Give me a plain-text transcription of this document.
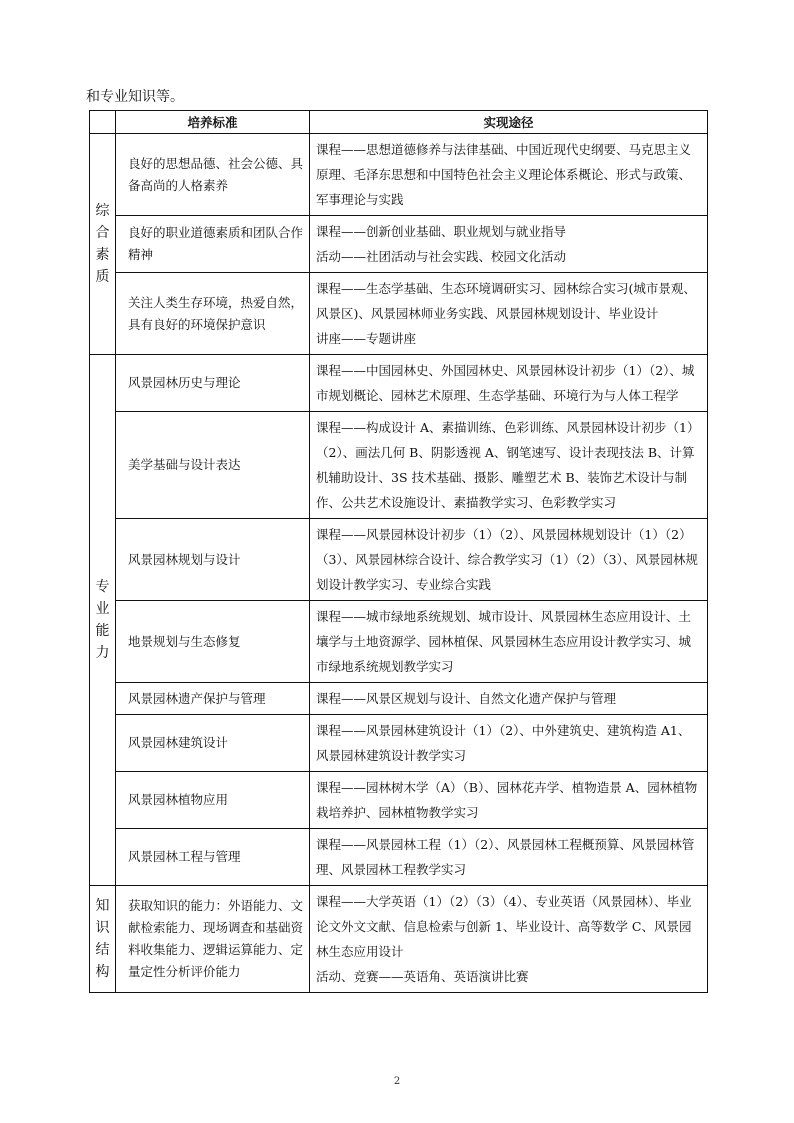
和专业知识等。
	培养标准	实现途径
综合素质	良好的思想品德、社会公德、具备高尚的人格素养	课程——思想道德修养与法律基础、中国近现代史纲要、马克思主义原理、毛泽东思想和中国特色社会主义理论体系概论、形式与政策、军事理论与实践

	良好的职业道德素质和团队合作精神	课程——创新创业基础、职业规划与就业指导
活动——社团活动与社会实践、校园文化活动

	关注人类生存环境，热爱自然，具有良好的环境保护意识	课程——生态学基础、生态环境调研实习、园林综合实习(城市景观、风景区)、风景园林师业务实践、风景园林规划设计、毕业设计
讲座——专题讲座

专业能力	风景园林历史与理论	课程——中国园林史、外国园林史、风景园林设计初步（1）（2）、城市规划概论、园林艺术原理、生态学基础、环境行为与人体工程学

	美学基础与设计表达	课程——构成设计 A、素描训练、色彩训练、风景园林设计初步（1）（2）、画法几何 B、阴影透视 A、钢笔速写、设计表现技法 B、计算机辅助设计、3S 技术基础、摄影、雕塑艺术 B、装饰艺术设计与制作、公共艺术设施设计、素描教学实习、色彩教学实习

	风景园林规划与设计	课程——风景园林设计初步（1）（2）、风景园林规划设计（1）（2）（3）、风景园林综合设计、综合教学实习（1）（2）（3）、风景园林规划设计教学实习、专业综合实践

	地景规划与生态修复	课程——城市绿地系统规划、城市设计、风景园林生态应用设计、土壤学与土地资源学、园林植保、风景园林生态应用设计教学实习、城市绿地系统规划教学实习

	风景园林遗产保护与管理	课程——风景区规划与设计、自然文化遗产保护与管理

	风景园林建筑设计	课程——风景园林建筑设计（1）（2）、中外建筑史、建筑构造 A1、风景园林建筑设计教学实习

	风景园林植物应用	课程——园林树木学（A）（B）、园林花卉学、植物造景 A、园林植物栽培养护、园林植物教学实习

	风景园林工程与管理	课程——风景园林工程（1）（2）、风景园林工程概预算、风景园林管理、风景园林工程教学实习

知识结构	获取知识的能力：外语能力、文献检索能力、现场调查和基础资料收集能力、逻辑运算能力、定量定性分析评价能力	课程——大学英语（1）（2）（3）（4）、专业英语（风景园林）、毕业论文外文文献、信息检索与创新 1、毕业设计、高等数学 C、风景园林生态应用设计
活动、竞赛——英语角、英语演讲比赛
2
